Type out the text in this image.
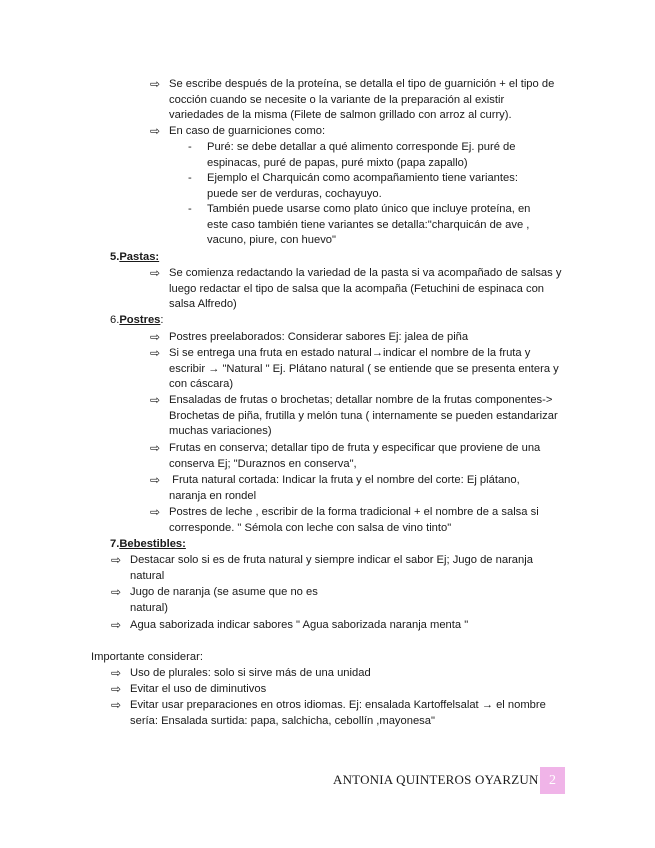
⇨ Se escribe después de la proteína, se detalla el tipo de guarnición + el tipo de cocción cuando se necesite o la variante de la preparación al existir variedades de la misma (Filete de salmon grillado con arroz al curry).
⇨ En caso de guarniciones como:
-	Puré: se debe detallar a qué alimento corresponde Ej. puré de espinacas, puré de papas, puré mixto (papa zapallo)
-	Ejemplo el Charquicán como acompañamiento tiene variantes: puede ser de verduras, cochayuyo.
-	También puede usarse como plato único que incluye proteína, en este caso también tiene variantes se detalla:"charquicán de ave , vacuno, piure, con huevo"
5.Pastas:
⇨ Se comienza redactando la variedad de la pasta si va acompañado de salsas y luego redactar el tipo de salsa que la acompaña (Fetuchini de espinaca con salsa Alfredo)
6.Postres:
⇨ Postres preelaborados: Considerar sabores Ej: jalea de piña
⇨ Si se entrega una fruta en estado natural→indicar el nombre de la fruta y escribir → "Natural " Ej. Plátano natural ( se entiende que se presenta entera y con cáscara)
⇨ Ensaladas de frutas o brochetas; detallar nombre de la frutas componentes-> Brochetas de piña, frutilla y melón tuna ( internamente se pueden estandarizar muchas variaciones)
⇨ Frutas en conserva; detallar tipo de fruta y especificar que proviene de una conserva Ej; "Duraznos en conserva",
⇨ Fruta natural cortada: Indicar la fruta y el nombre del corte: Ej plátano, naranja en rondel
⇨ Postres de leche , escribir de la forma tradicional + el nombre de a salsa si corresponde. " Sémola con leche con salsa de vino tinto"
7.Bebestibles:
⇨ Destacar solo si es de fruta natural y siempre indicar el sabor Ej; Jugo de naranja natural
⇨ Jugo de naranja (se asume que no es natural)
⇨ Agua saborizada indicar sabores " Agua saborizada naranja menta "
Importante considerar:
⇨ Uso de plurales: solo si sirve más de una unidad
⇨ Evitar el uso de diminutivos
⇨ Evitar usar preparaciones en otros idiomas. Ej: ensalada Kartoffelsalat → el nombre sería: Ensalada surtida: papa, salchicha, cebollín ,mayonesa"
ANTONIA QUINTEROS OYARZUN 2
